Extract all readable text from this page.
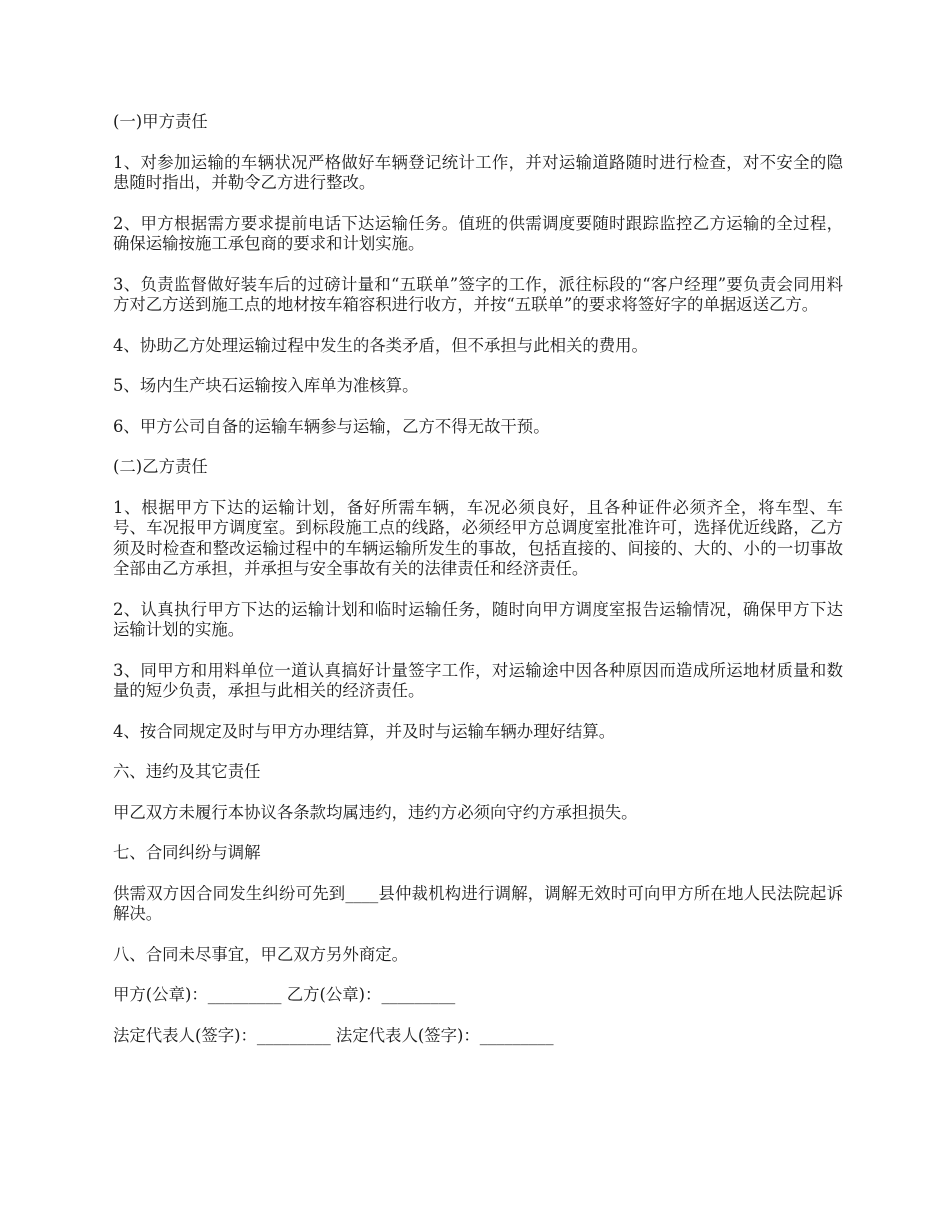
(一)甲方责任

1、对参加运输的车辆状况严格做好车辆登记统计工作，并对运输道路随时进行检查，对不安全的隐患随时指出，并勒令乙方进行整改。

2、甲方根据需方要求提前电话下达运输任务。值班的供需调度要随时跟踪监控乙方运输的全过程，确保运输按施工承包商的要求和计划实施。

3、负责监督做好装车后的过磅计量和“五联单”签字的工作，派往标段的“客户经理”要负责会同用料方对乙方送到施工点的地材按车箱容积进行收方，并按“五联单”的要求将签好字的单据返送乙方。

4、协助乙方处理运输过程中发生的各类矛盾，但不承担与此相关的费用。

5、场内生产块石运输按入库单为准核算。

6、甲方公司自备的运输车辆参与运输，乙方不得无故干预。

(二)乙方责任

1、根据甲方下达的运输计划，备好所需车辆，车况必须良好，且各种证件必须齐全，将车型、车号、车况报甲方调度室。到标段施工点的线路，必须经甲方总调度室批准许可，选择优近线路，乙方须及时检查和整改运输过程中的车辆运输所发生的事故，包括直接的、间接的、大的、小的一切事故全部由乙方承担，并承担与安全事故有关的法律责任和经济责任。

2、认真执行甲方下达的运输计划和临时运输任务，随时向甲方调度室报告运输情况，确保甲方下达运输计划的实施。

3、同甲方和用料单位一道认真搞好计量签字工作，对运输途中因各种原因而造成所运地材质量和数量的短少负责，承担与此相关的经济责任。

4、按合同规定及时与甲方办理结算，并及时与运输车辆办理好结算。

六、违约及其它责任

甲乙双方未履行本协议各条款均属违约，违约方必须向守约方承担损失。

七、合同纠纷与调解

供需双方因合同发生纠纷可先到____县仲裁机构进行调解，调解无效时可向甲方所在地人民法院起诉解决。

八、合同未尽事宜，甲乙双方另外商定。

甲方(公章)：_________ 乙方(公章)：_________

法定代表人(签字)：_________ 法定代表人(签字)：_________
